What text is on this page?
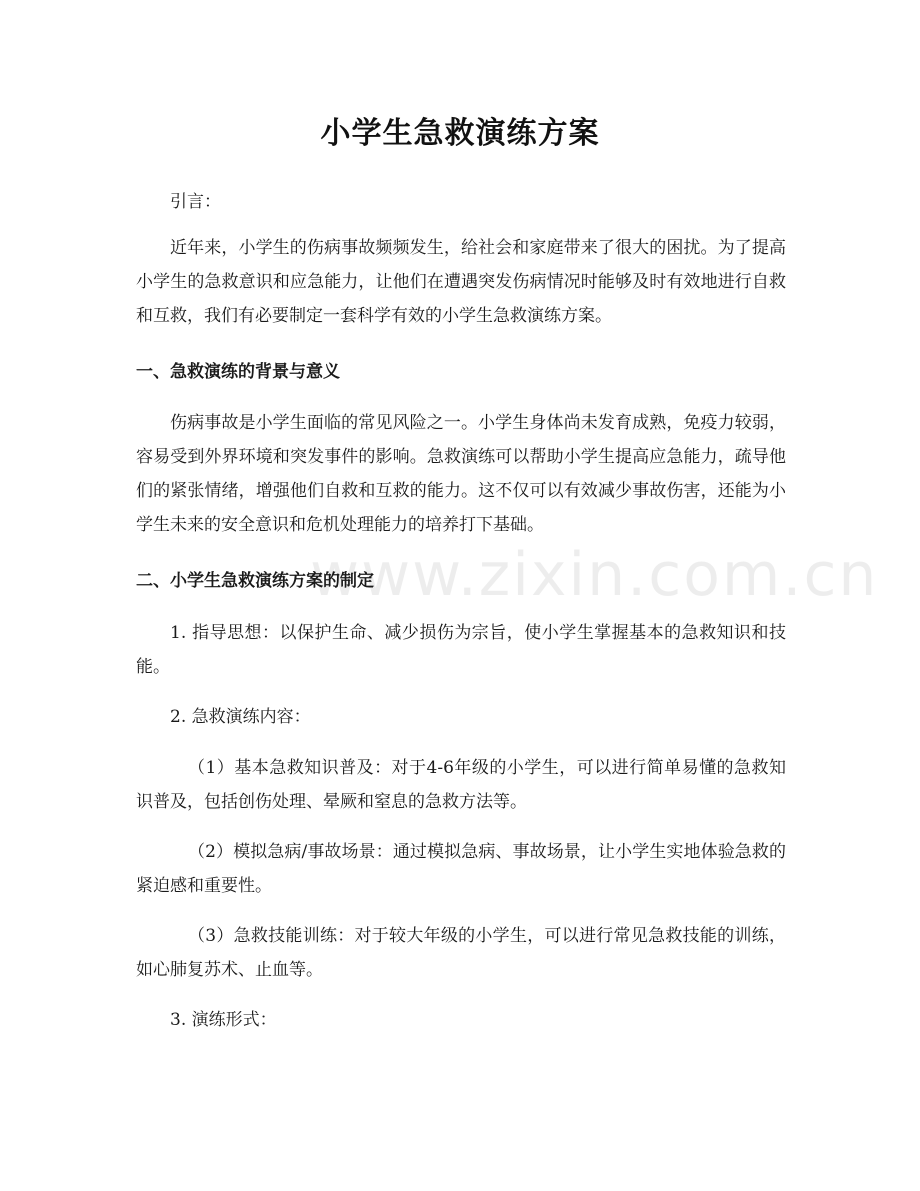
www.zixin.com.cn
小学生急救演练方案

引言：

近年来，小学生的伤病事故频频发生，给社会和家庭带来了很大的困扰。为了提高小学生的急救意识和应急能力，让他们在遭遇突发伤病情况时能够及时有效地进行自救和互救，我们有必要制定一套科学有效的小学生急救演练方案。

一、急救演练的背景与意义

伤病事故是小学生面临的常见风险之一。小学生身体尚未发育成熟，免疫力较弱，容易受到外界环境和突发事件的影响。急救演练可以帮助小学生提高应急能力，疏导他们的紧张情绪，增强他们自救和互救的能力。这不仅可以有效减少事故伤害，还能为小学生未来的安全意识和危机处理能力的培养打下基础。

二、小学生急救演练方案的制定

1. 指导思想：以保护生命、减少损伤为宗旨，使小学生掌握基本的急救知识和技能。

2. 急救演练内容：

（1）基本急救知识普及：对于4-6年级的小学生，可以进行简单易懂的急救知识普及，包括创伤处理、晕厥和窒息的急救方法等。

（2）模拟急病/事故场景：通过模拟急病、事故场景，让小学生实地体验急救的紧迫感和重要性。

（3）急救技能训练：对于较大年级的小学生，可以进行常见急救技能的训练，如心肺复苏术、止血等。

3. 演练形式：
